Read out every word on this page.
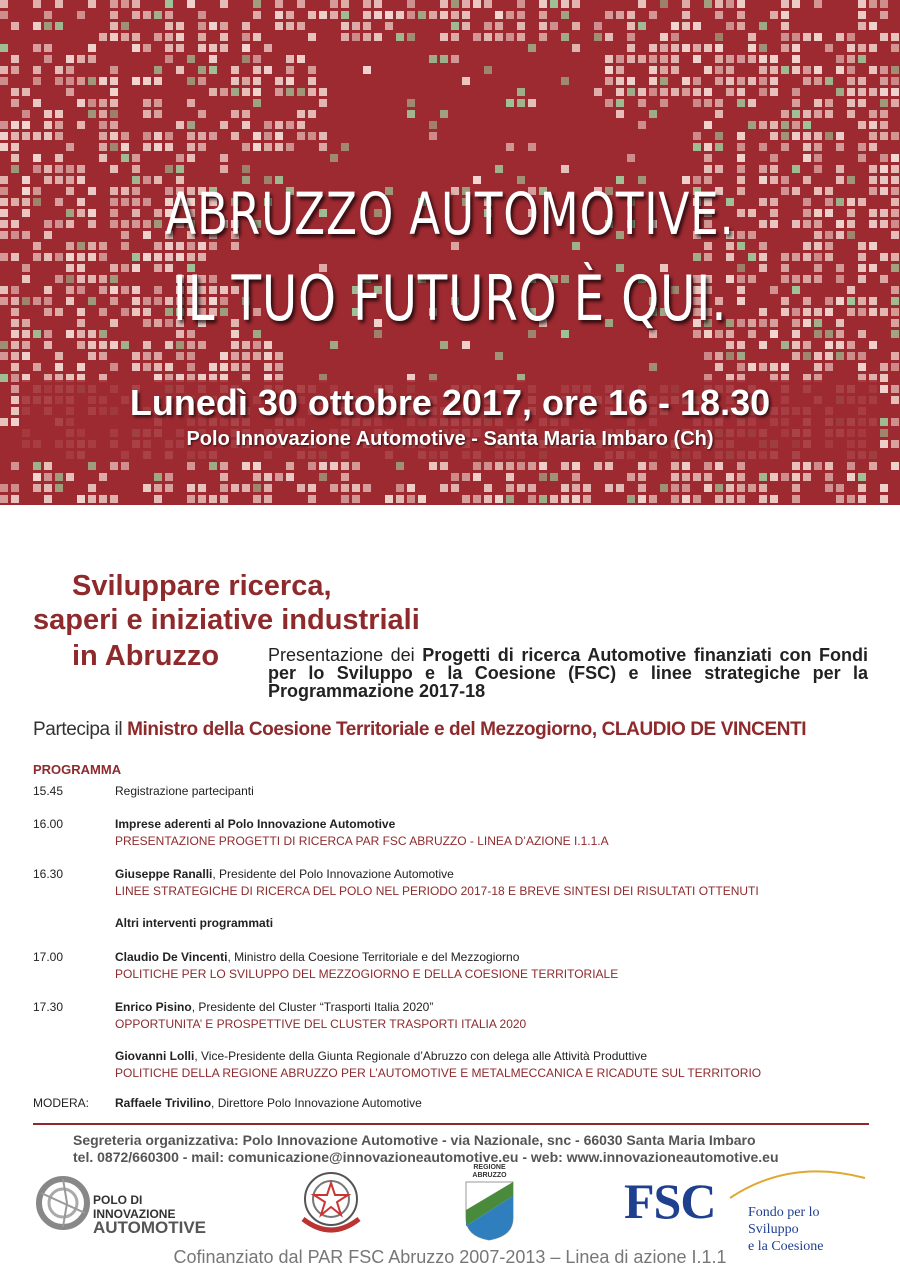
ABRUZZO AUTOMOTIVE.
IL TUO FUTURO È QUI.
Lunedì 30 ottobre 2017, ore 16 - 18.30
Polo Innovazione Automotive - Santa Maria Imbaro (Ch)
Sviluppare ricerca,
saperi e iniziative industriali
in Abruzzo	Presentazione dei Progetti di ricerca Automotive finanziati con Fondi per lo Sviluppo e la Coesione (FSC) e linee strategiche per la Programmazione 2017-18
Partecipa il Ministro della Coesione Territoriale e del Mezzogiorno, CLAUDIO DE VINCENTI
PROGRAMMA
15.45	Registrazione partecipanti
16.00	Imprese aderenti al Polo Innovazione Automotive
PRESENTAZIONE PROGETTI DI RICERCA PAR FSC ABRUZZO - LINEA D’AZIONE I.1.1.A
16.30	Giuseppe Ranalli, Presidente del Polo Innovazione Automotive
LINEE STRATEGICHE DI RICERCA DEL POLO NEL PERIODO 2017-18 E BREVE SINTESI DEI RISULTATI OTTENUTI
Altri interventi programmati
17.00	Claudio De Vincenti, Ministro della Coesione Territoriale e del Mezzogiorno
POLITICHE PER LO SVILUPPO DEL MEZZOGIORNO E DELLA COESIONE TERRITORIALE
17.30	Enrico Pisino, Presidente del Cluster “Trasporti Italia 2020”
OPPORTUNITA’ E PROSPETTIVE DEL CLUSTER TRASPORTI ITALIA 2020
Giovanni Lolli, Vice-Presidente della Giunta Regionale d’Abruzzo con delega alle Attività Produttive
POLITICHE DELLA REGIONE ABRUZZO PER L’AUTOMOTIVE E METALMECCANICA E RICADUTE SUL TERRITORIO
MODERA: Raffaele Trivilino, Direttore Polo Innovazione Automotive
Segreteria organizzativa: Polo Innovazione Automotive - via Nazionale, snc - 66030 Santa Maria Imbaro
tel. 0872/660300 - mail: comunicazione@innovazioneautomotive.eu - web: www.innovazioneautomotive.eu
POLO DI
INNOVAZIONE
AUTOMOTIVE
REGIONE
ABRUZZO FSC Fondo per lo Sviluppo
e la Coesione
Cofinanziato dal PAR FSC Abruzzo 2007-2013 – Linea di azione I.1.1
